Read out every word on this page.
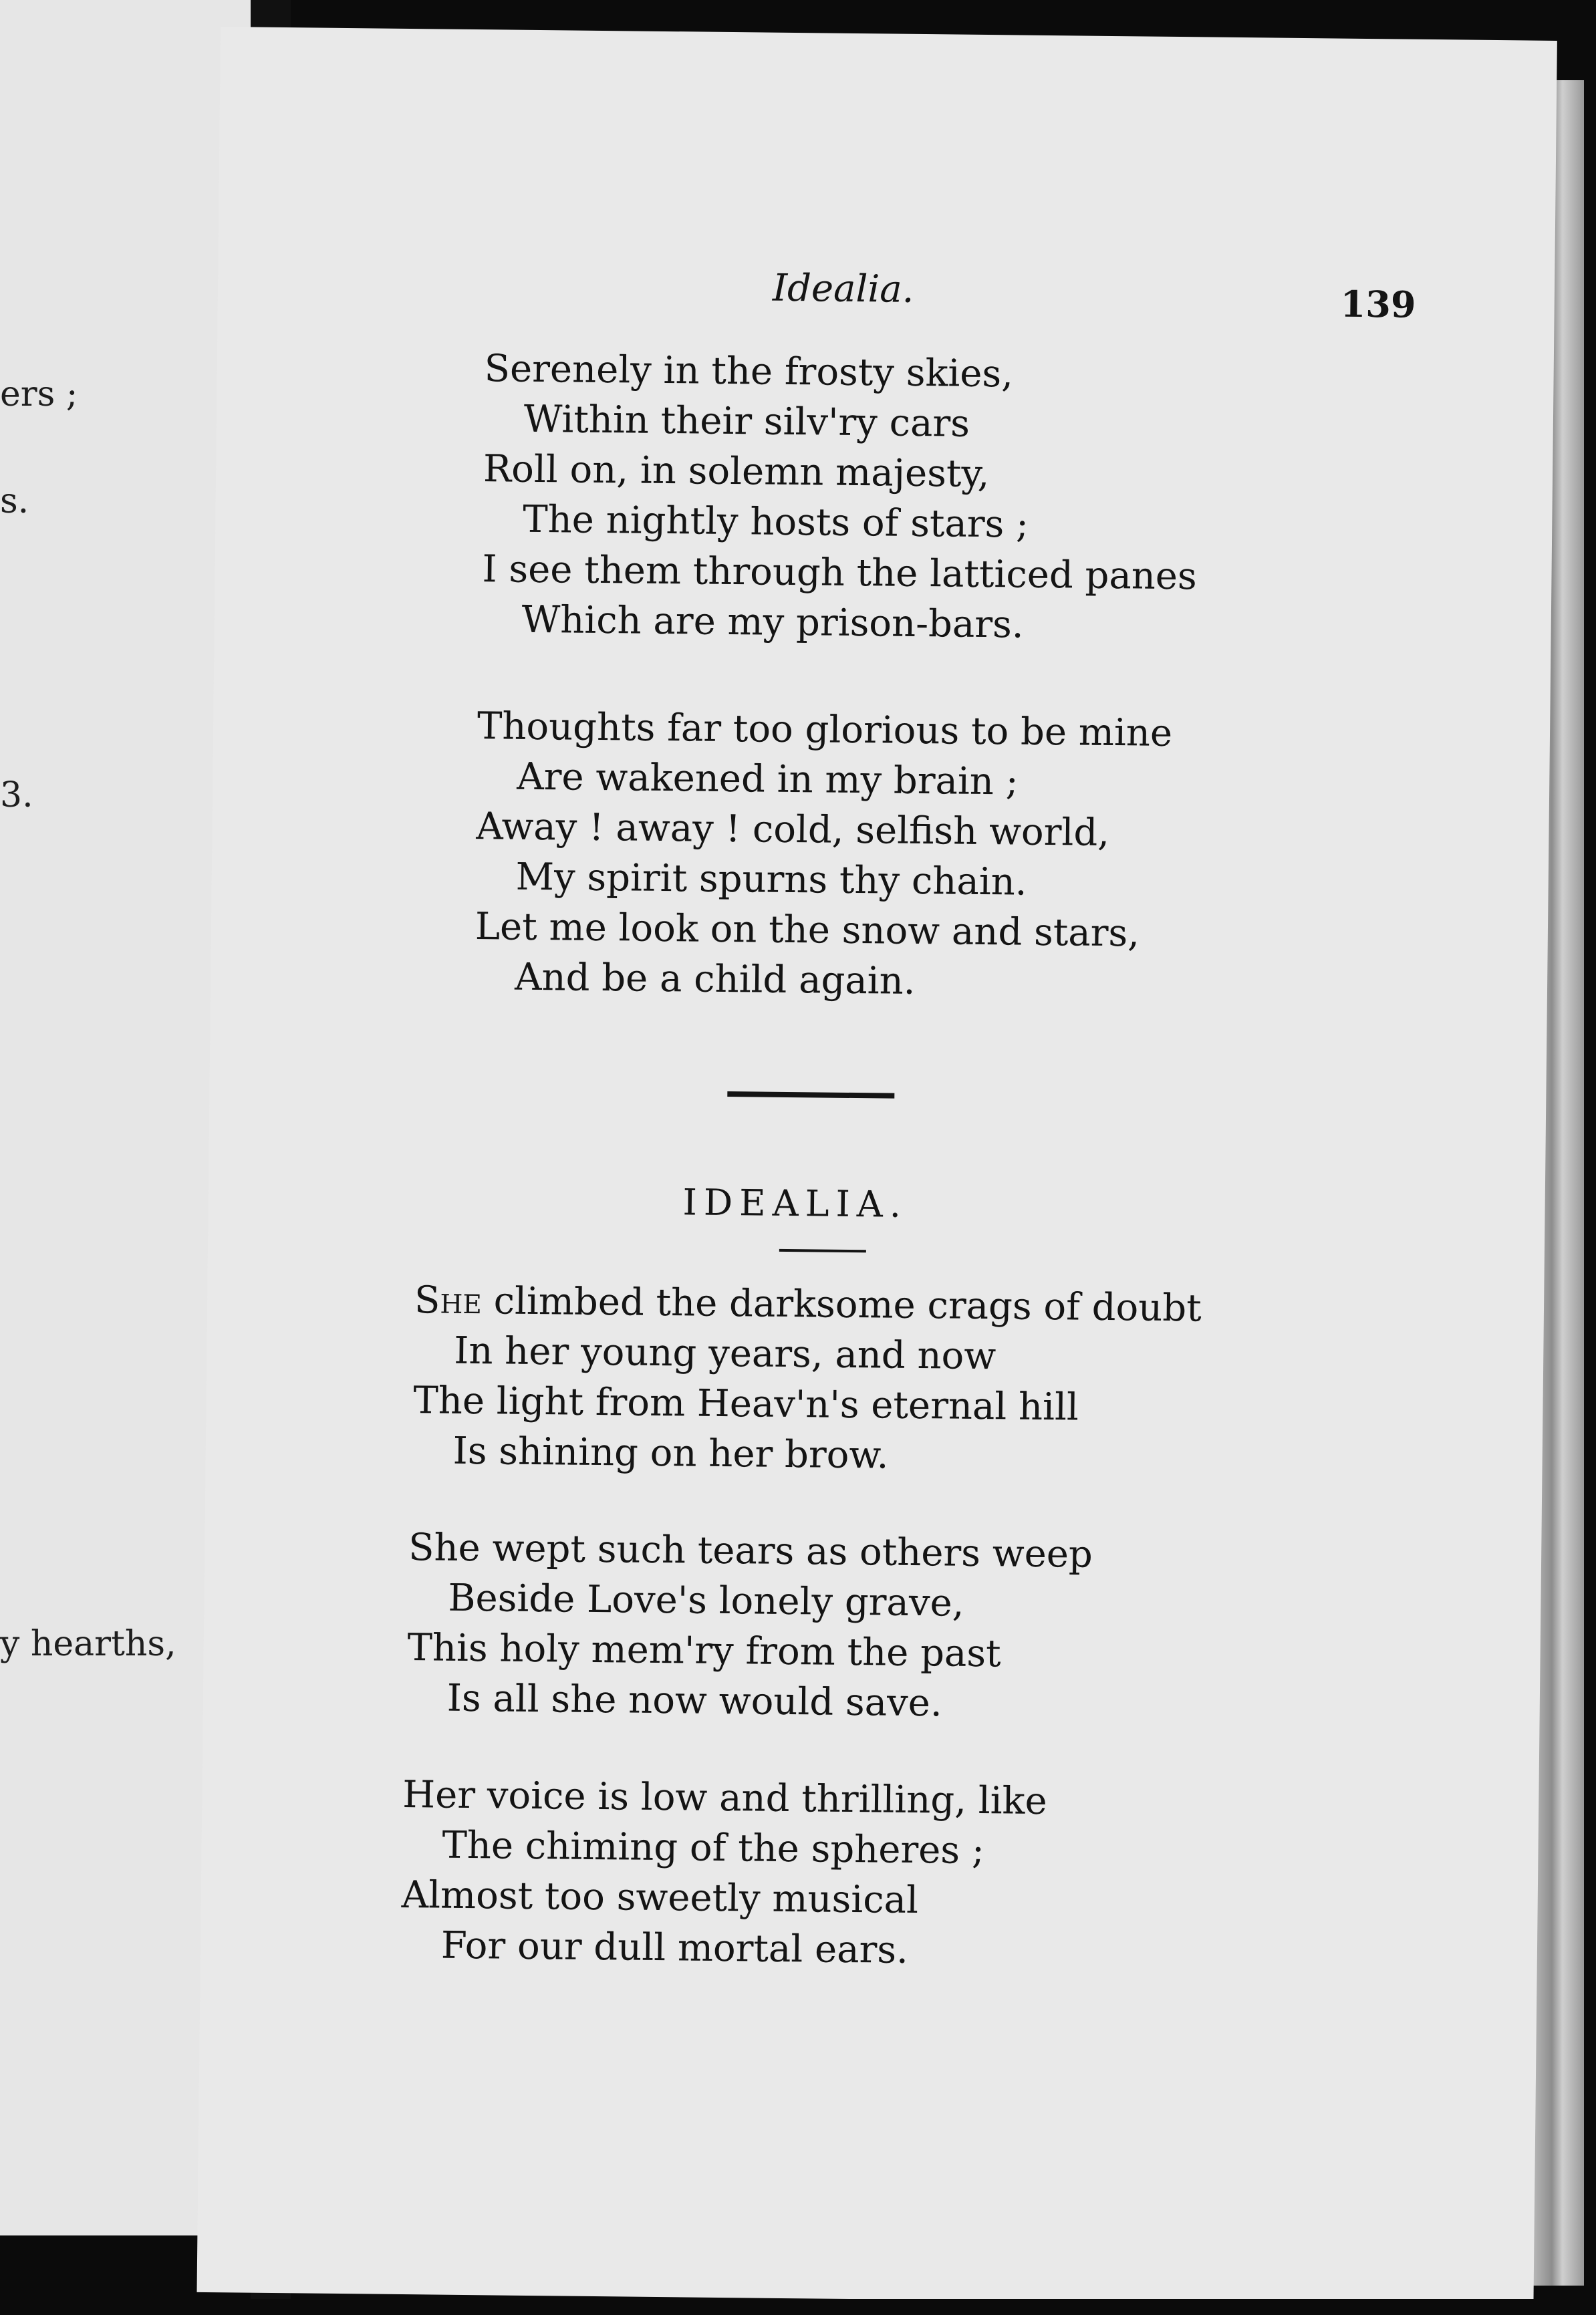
ers ;
s.
3.
y hearths,
Idealia.	139
Serenely in the frosty skies,
Within their silv'ry cars
Roll on, in solemn majesty,
The nightly hosts of stars ;
I see them through the latticed panes
Which are my prison-bars.
Thoughts far too glorious to be mine
Are wakened in my brain ;
Away ! away ! cold, selfish world,
My spirit spurns thy chain.
Let me look on the snow and stars,
And be a child again.
IDEALIA.
She climbed the darksome crags of doubt
In her young years, and now
The light from Heav'n's eternal hill
Is shining on her brow.
She wept such tears as others weep
Beside Love's lonely grave,
This holy mem'ry from the past
Is all she now would save.
Her voice is low and thrilling, like
The chiming of the spheres ;
Almost too sweetly musical
For our dull mortal ears.
